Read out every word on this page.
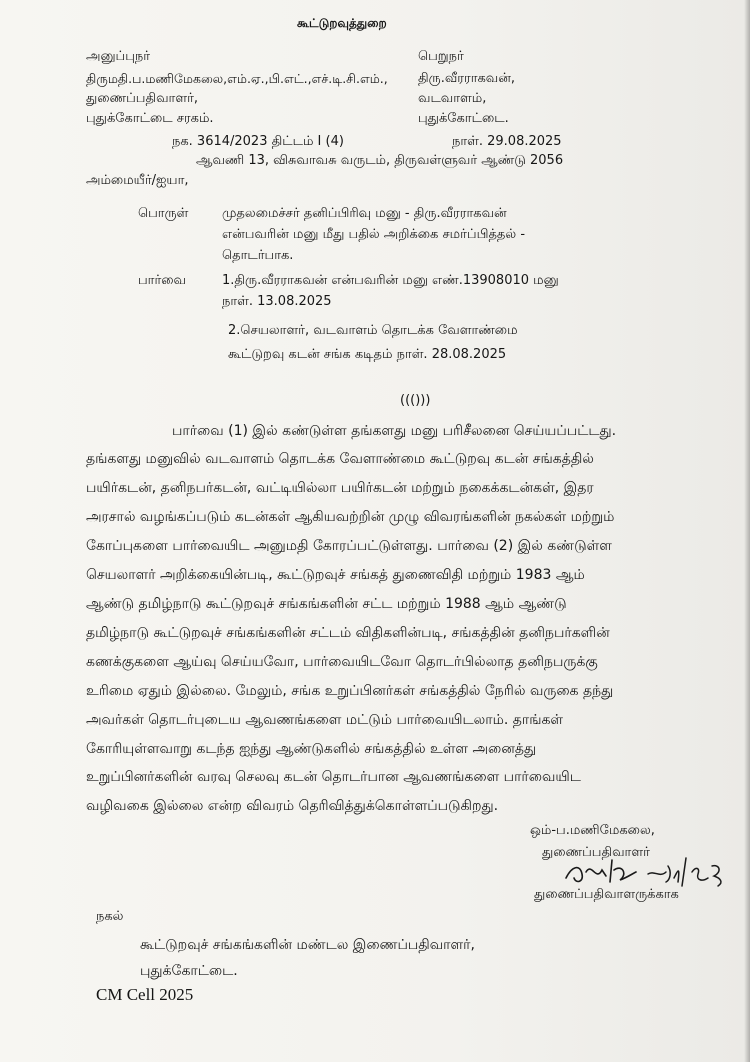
கூட்டுறவுத்துறை
அனுப்புநர்
திருமதி.ப.மணிமேகலை,எம்.ஏ.,பி.எட்.,எச்.டி.சி.எம்.,
துணைப்பதிவாளர்,
புதுக்கோட்டை சரகம்.
பெறுநர்
திரு.வீரராகவன்,
வடவாளம்,
புதுக்கோட்டை.
நக. 3614/2023 திட்டம் I (4)	நாள். 29.08.2025
ஆவணி 13, விசுவாவசு வருடம், திருவள்ளுவர் ஆண்டு 2056
அம்மையீர்/ஐயா,
பொருள்	முதலமைச்சர் தனிப்பிரிவு மனு - திரு.வீரராகவன்
என்பவரின் மனு மீது பதில் அறிக்கை சமர்ப்பித்தல் -
தொடர்பாக.
பார்வை	1.திரு.வீரராகவன் என்பவரின் மனு எண்.13908010 மனு
நாள். 13.08.2025
2.செயலாளர், வடவாளம் தொடக்க வேளாண்மை
கூட்டுறவு கடன் சங்க கடிதம் நாள். 28.08.2025
((()))
பார்வை (1) இல் கண்டுள்ள தங்களது மனு பரிசீலனை செய்யப்பட்டது.
தங்களது மனுவில் வடவாளம் தொடக்க வேளாண்மை கூட்டுறவு கடன் சங்கத்தில்
பயிர்கடன், தனிநபர்கடன், வட்டியில்லா பயிர்கடன் மற்றும் நகைக்கடன்கள், இதர
அரசால் வழங்கப்படும் கடன்கள் ஆகியவற்றின் முழு விவரங்களின் நகல்கள் மற்றும்
கோப்புகளை பார்வையிட அனுமதி கோரப்பட்டுள்ளது. பார்வை (2) இல் கண்டுள்ள
செயலாளர் அறிக்கையின்படி, கூட்டுறவுச் சங்கத் துணைவிதி மற்றும் 1983 ஆம்
ஆண்டு தமிழ்நாடு கூட்டுறவுச் சங்கங்களின் சட்ட மற்றும் 1988 ஆம் ஆண்டு
தமிழ்நாடு கூட்டுறவுச் சங்கங்களின் சட்டம் விதிகளின்படி, சங்கத்தின் தனிநபர்களின்
கணக்குகளை ஆய்வு செய்யவோ, பார்வையிடவோ தொடர்பில்லாத தனிநபருக்கு
உரிமை ஏதும் இல்லை. மேலும், சங்க உறுப்பினர்கள் சங்கத்தில் நேரில் வருகை தந்து
அவர்கள் தொடர்புடைய ஆவணங்களை மட்டும் பார்வையிடலாம். தாங்கள்
கோரியுள்ளவாறு கடந்த ஐந்து ஆண்டுகளில் சங்கத்தில் உள்ள அனைத்து
உறுப்பினர்களின் வரவு செலவு கடன் தொடர்பான ஆவணங்களை பார்வையிட
வழிவகை இல்லை என்ற விவரம் தெரிவித்துக்கொள்ளப்படுகிறது.
ஒம்-ப.மணிமேகலை,
துணைப்பதிவாளர்
துணைப்பதிவாளருக்காக
நகல்
கூட்டுறவுச் சங்கங்களின் மண்டல இணைப்பதிவாளர்,
புதுக்கோட்டை.
CM Cell 2025
